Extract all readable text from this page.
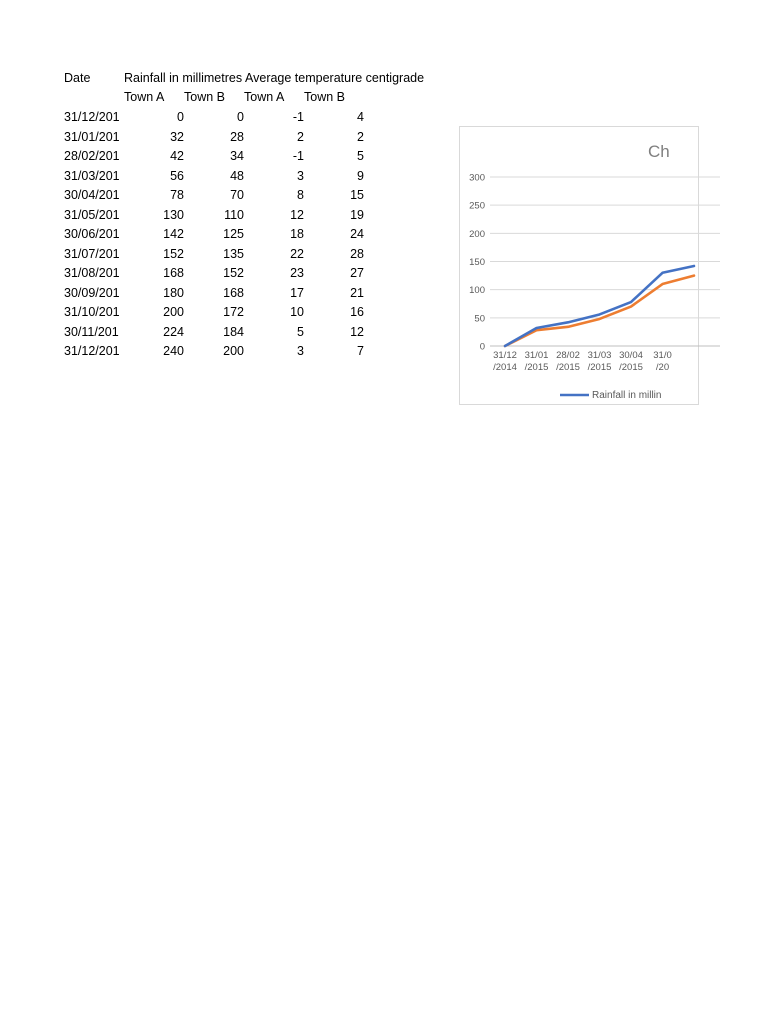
Date	Rainfall in millimetres Average temperature centigrade
Town A	Town B	Town A	Town B
31/12/201	0	0	-1	4
31/01/201	32	28	2	2
28/02/201	42	34	-1	5
31/03/201	56	48	3	9
30/04/201	78	70	8	15
31/05/201	130	110	12	19
30/06/201	142	125	18	24
31/07/201	152	135	22	28
31/08/201	168	152	23	27
30/09/201	180	168	17	21
31/10/201	200	172	10	16
30/11/201	224	184	5	12
31/12/201	240	200	3	7
Ch
0
50
100
150
200
250
300
31/12
/2014
31/01
/2015
28/02
/2015
31/03
/2015
30/04
/2015
31/0
/20
Rainfall in millin
